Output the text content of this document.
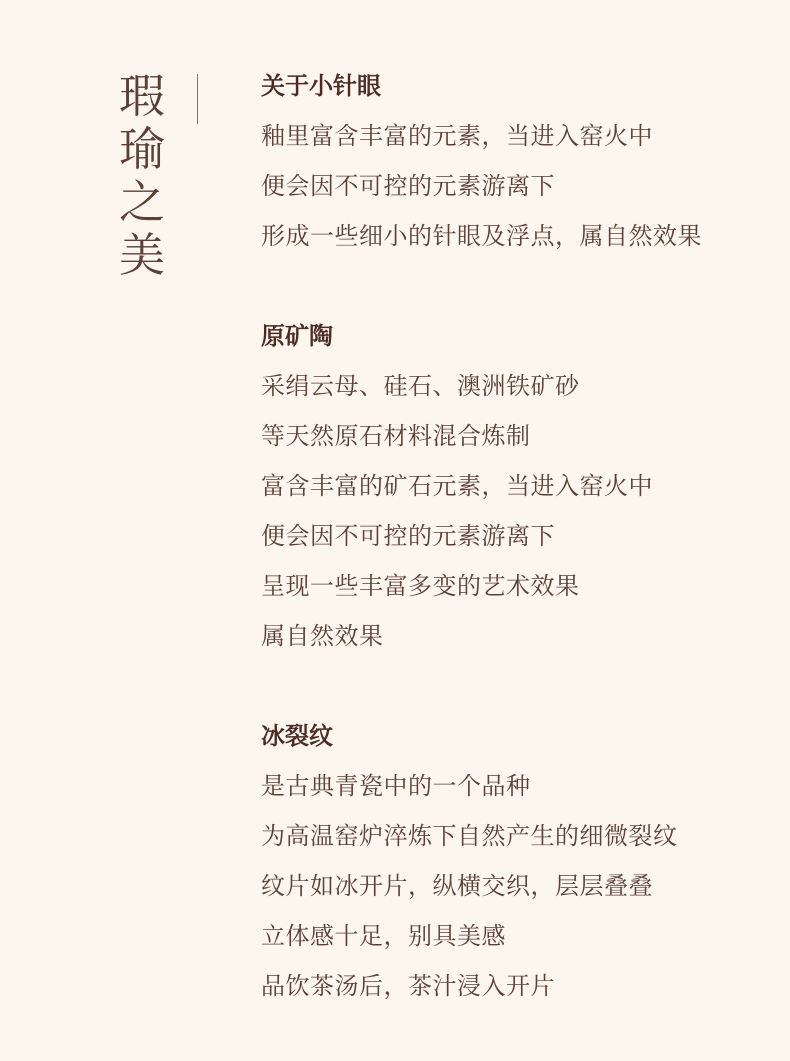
瑕
瑜
之
美
关于小针眼
釉里富含丰富的元素，当进入窑火中
便会因不可控的元素游离下
形成一些细小的针眼及浮点，属自然效果
原矿陶
采绢云母、硅石、澳洲铁矿砂
等天然原石材料混合炼制
富含丰富的矿石元素，当进入窑火中
便会因不可控的元素游离下
呈现一些丰富多变的艺术效果
属自然效果
冰裂纹
是古典青瓷中的一个品种
为高温窑炉淬炼下自然产生的细微裂纹
纹片如冰开片，纵横交织，层层叠叠
立体感十足，别具美感
品饮茶汤后，茶汁浸入开片
